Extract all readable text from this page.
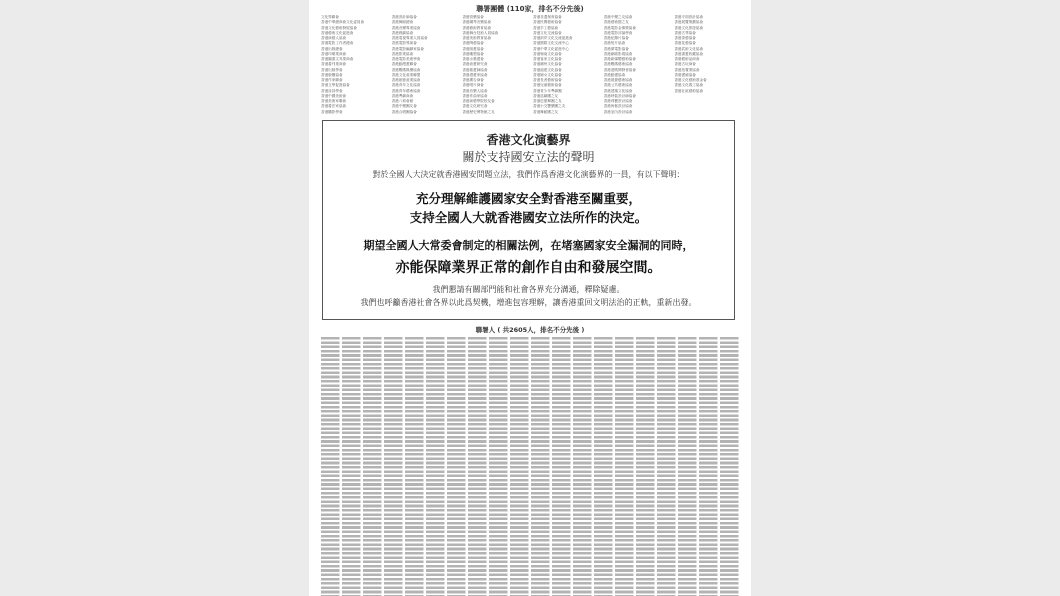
聯署團體 (110家，排名不分先後)
文化界聯會
香港中華總商會文化委員會
香港文化藝術發展協會
香港藝術文化促進會
香港演藝人協會
香港電影工作者總會
香港出版總會
香港印刷業商會
香港圖書文具業商會
香港書刊業商會
香港出版學會
香港版權協會
香港作家聯會
香港文學促進協會
香港詩詞學會
香港中國美術會
香港美術家聯會
香港書法家協會
香港攝影學會
香港設計師協會
香港舞蹈總會
香港音樂專業協會
香港戲劇協會
香港電視專業人員協會
香港電影導演會
香港電影編劇家協會
香港影業協會
香港電影美術學會
香港動漫畫聯會
香港數碼娛樂協會
香港文化產業聯盟
香港創意產業協會
香港青年文化協會
香港青年藝術協會
香港粵劇商會
香港八和會館
香港中樂團友會
香港合唱團協會
香港管樂協會
香港鋼琴音樂協會
香港藝術教育協會
香港舞台技術人員協會
香港美術教育協會
香港陶藝協會
香港版畫協會
香港雕塑協會
香港水墨畫會
香港油畫研究會
香港插畫師協會
香港漫畫家協會
香港廣告商會
香港唱片商會
香港音樂人協會
香港作曲家協會
香港演藝學院校友會
香港文化研究會
香港歷史博物館之友
香港非遺保育協會
香港民間藝術協會
香港手工藝協會
香港文化交流協會
香港兩岸文化交流促進會
香港國際文化交流中心
香港中華文化促進中心
香港嶺南文化協會
香港客家文化協會
香港潮州文化協會
香港福建文化協會
香港婦女文化協會
香港長者藝術協會
香港兒童藝術協會
香港青少年粵劇團
香港話劇團之友
香港芭蕾舞團之友
香港小交響樂團之友
香港舞蹈團之友
香港中樂之友協會
香港藝術節之友
香港電影金像獎協會
香港電影評論學會
香港紀錄片協會
香港短片協會
香港微電影協會
香港網絡影視協會
香港新媒體藝術協會
香港數碼藝術協會
香港遊戲開發者協會
香港動畫協會
香港視覺藝術協會
香港公共藝術協會
香港建築文化協會
香港時裝設計師協會
香港珠寶設計協會
香港傢俬設計協會
香港室內設計協會
香港平面設計協會
香港展覽策劃協會
香港文化旅遊協會
香港古琴協會
香港茶藝協會
香港花藝協會
香港武術文化協會
香港書畫收藏協會
香港藝術品商會
香港古玩商會
香港拍賣業協會
香港畫廊協會
香港文化藝術基金會
香港文化義工協會
香港社區藝術協會
香港文化演藝界
關於支持國安立法的聲明
對於全國人大決定就香港國安問題立法，我們作爲香港文化演藝界的一員，有以下聲明：
充分理解維護國家安全對香港至關重要，
支持全國人大就香港國安立法所作的決定。
期望全國人大常委會制定的相關法例，在堵塞國家安全漏洞的同時，
亦能保障業界正常的創作自由和發展空間。
我們懇請有關部門能和社會各界充分溝通，釋除疑慮。
我們也呼籲香港社會各界以此爲契機，增進包容理解，讓香港重回文明法治的正軌，重新出發。
聯署人 ( 共2605人，排名不分先後 )
